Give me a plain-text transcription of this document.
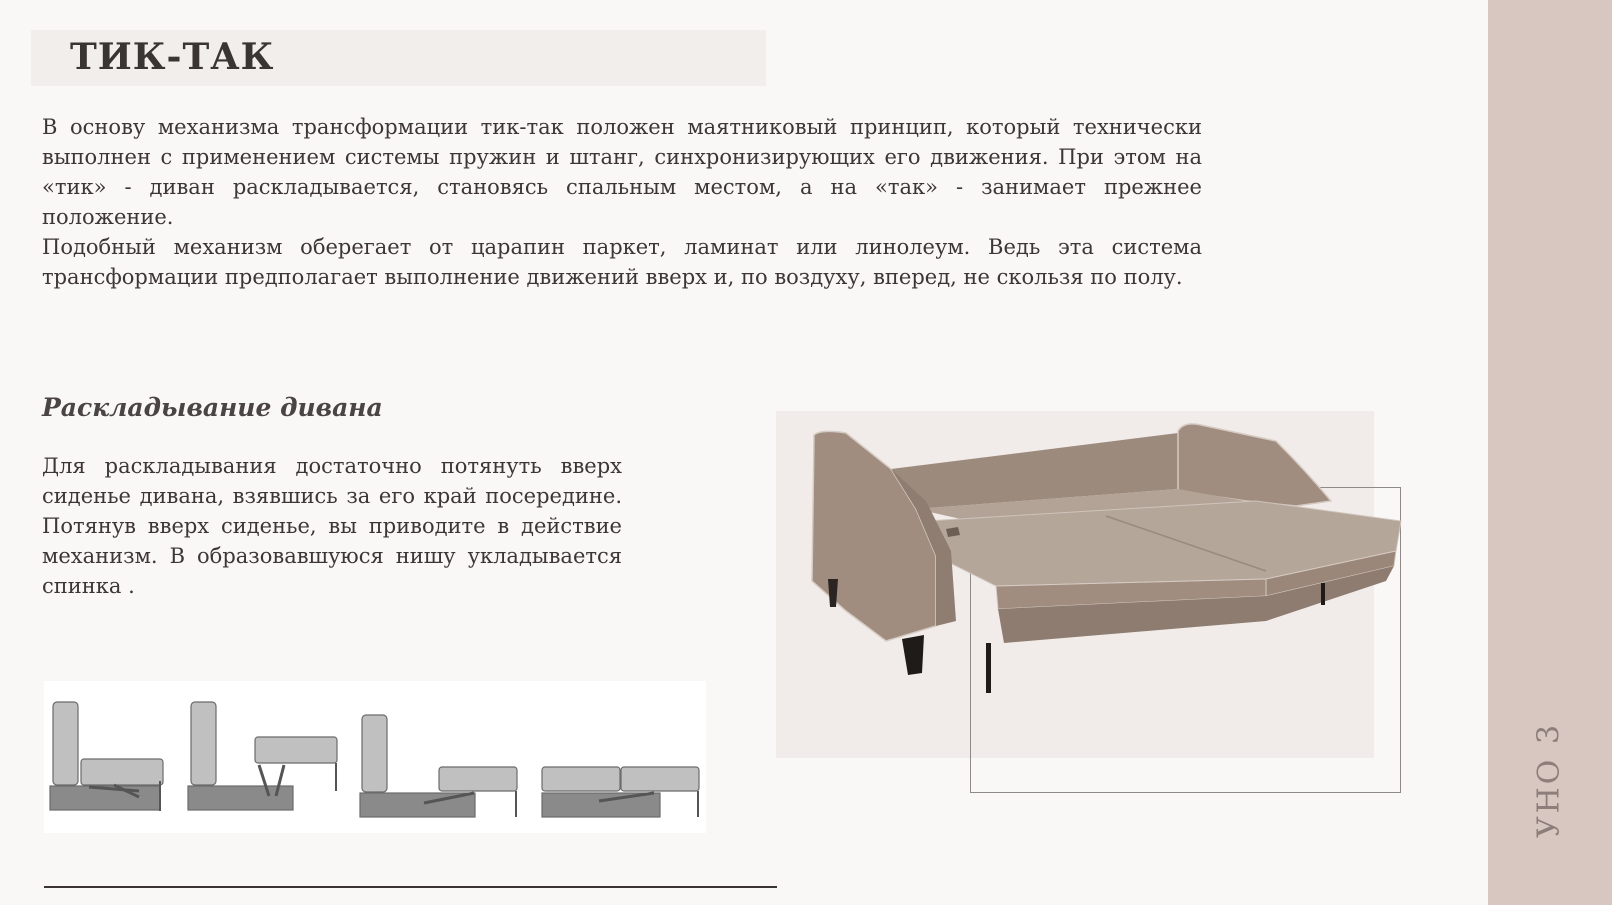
ТИК-ТАК

В основу механизма трансформации тик-так положен маятниковый принцип, который технически выполнен с применением системы пружин и штанг, синхронизирующих его движения. При этом на «тик» - диван раскладывается, становясь спальным местом, а на «так» - занимает прежнее положение.

Подобный механизм оберегает от царапин паркет, ламинат или линолеум. Ведь эта система трансформации предполагает выполнение движений вверх и, по воздуху, вперед, не скользя по полу.

Раскладывание дивана

Для раскладывания достаточно потянуть вверх сиденье дивана, взявшись за его край посередине. Потянув вверх сиденье, вы приводите в действие механизм. В образовавшуюся нишу укладывается спинка .

УНО 3
